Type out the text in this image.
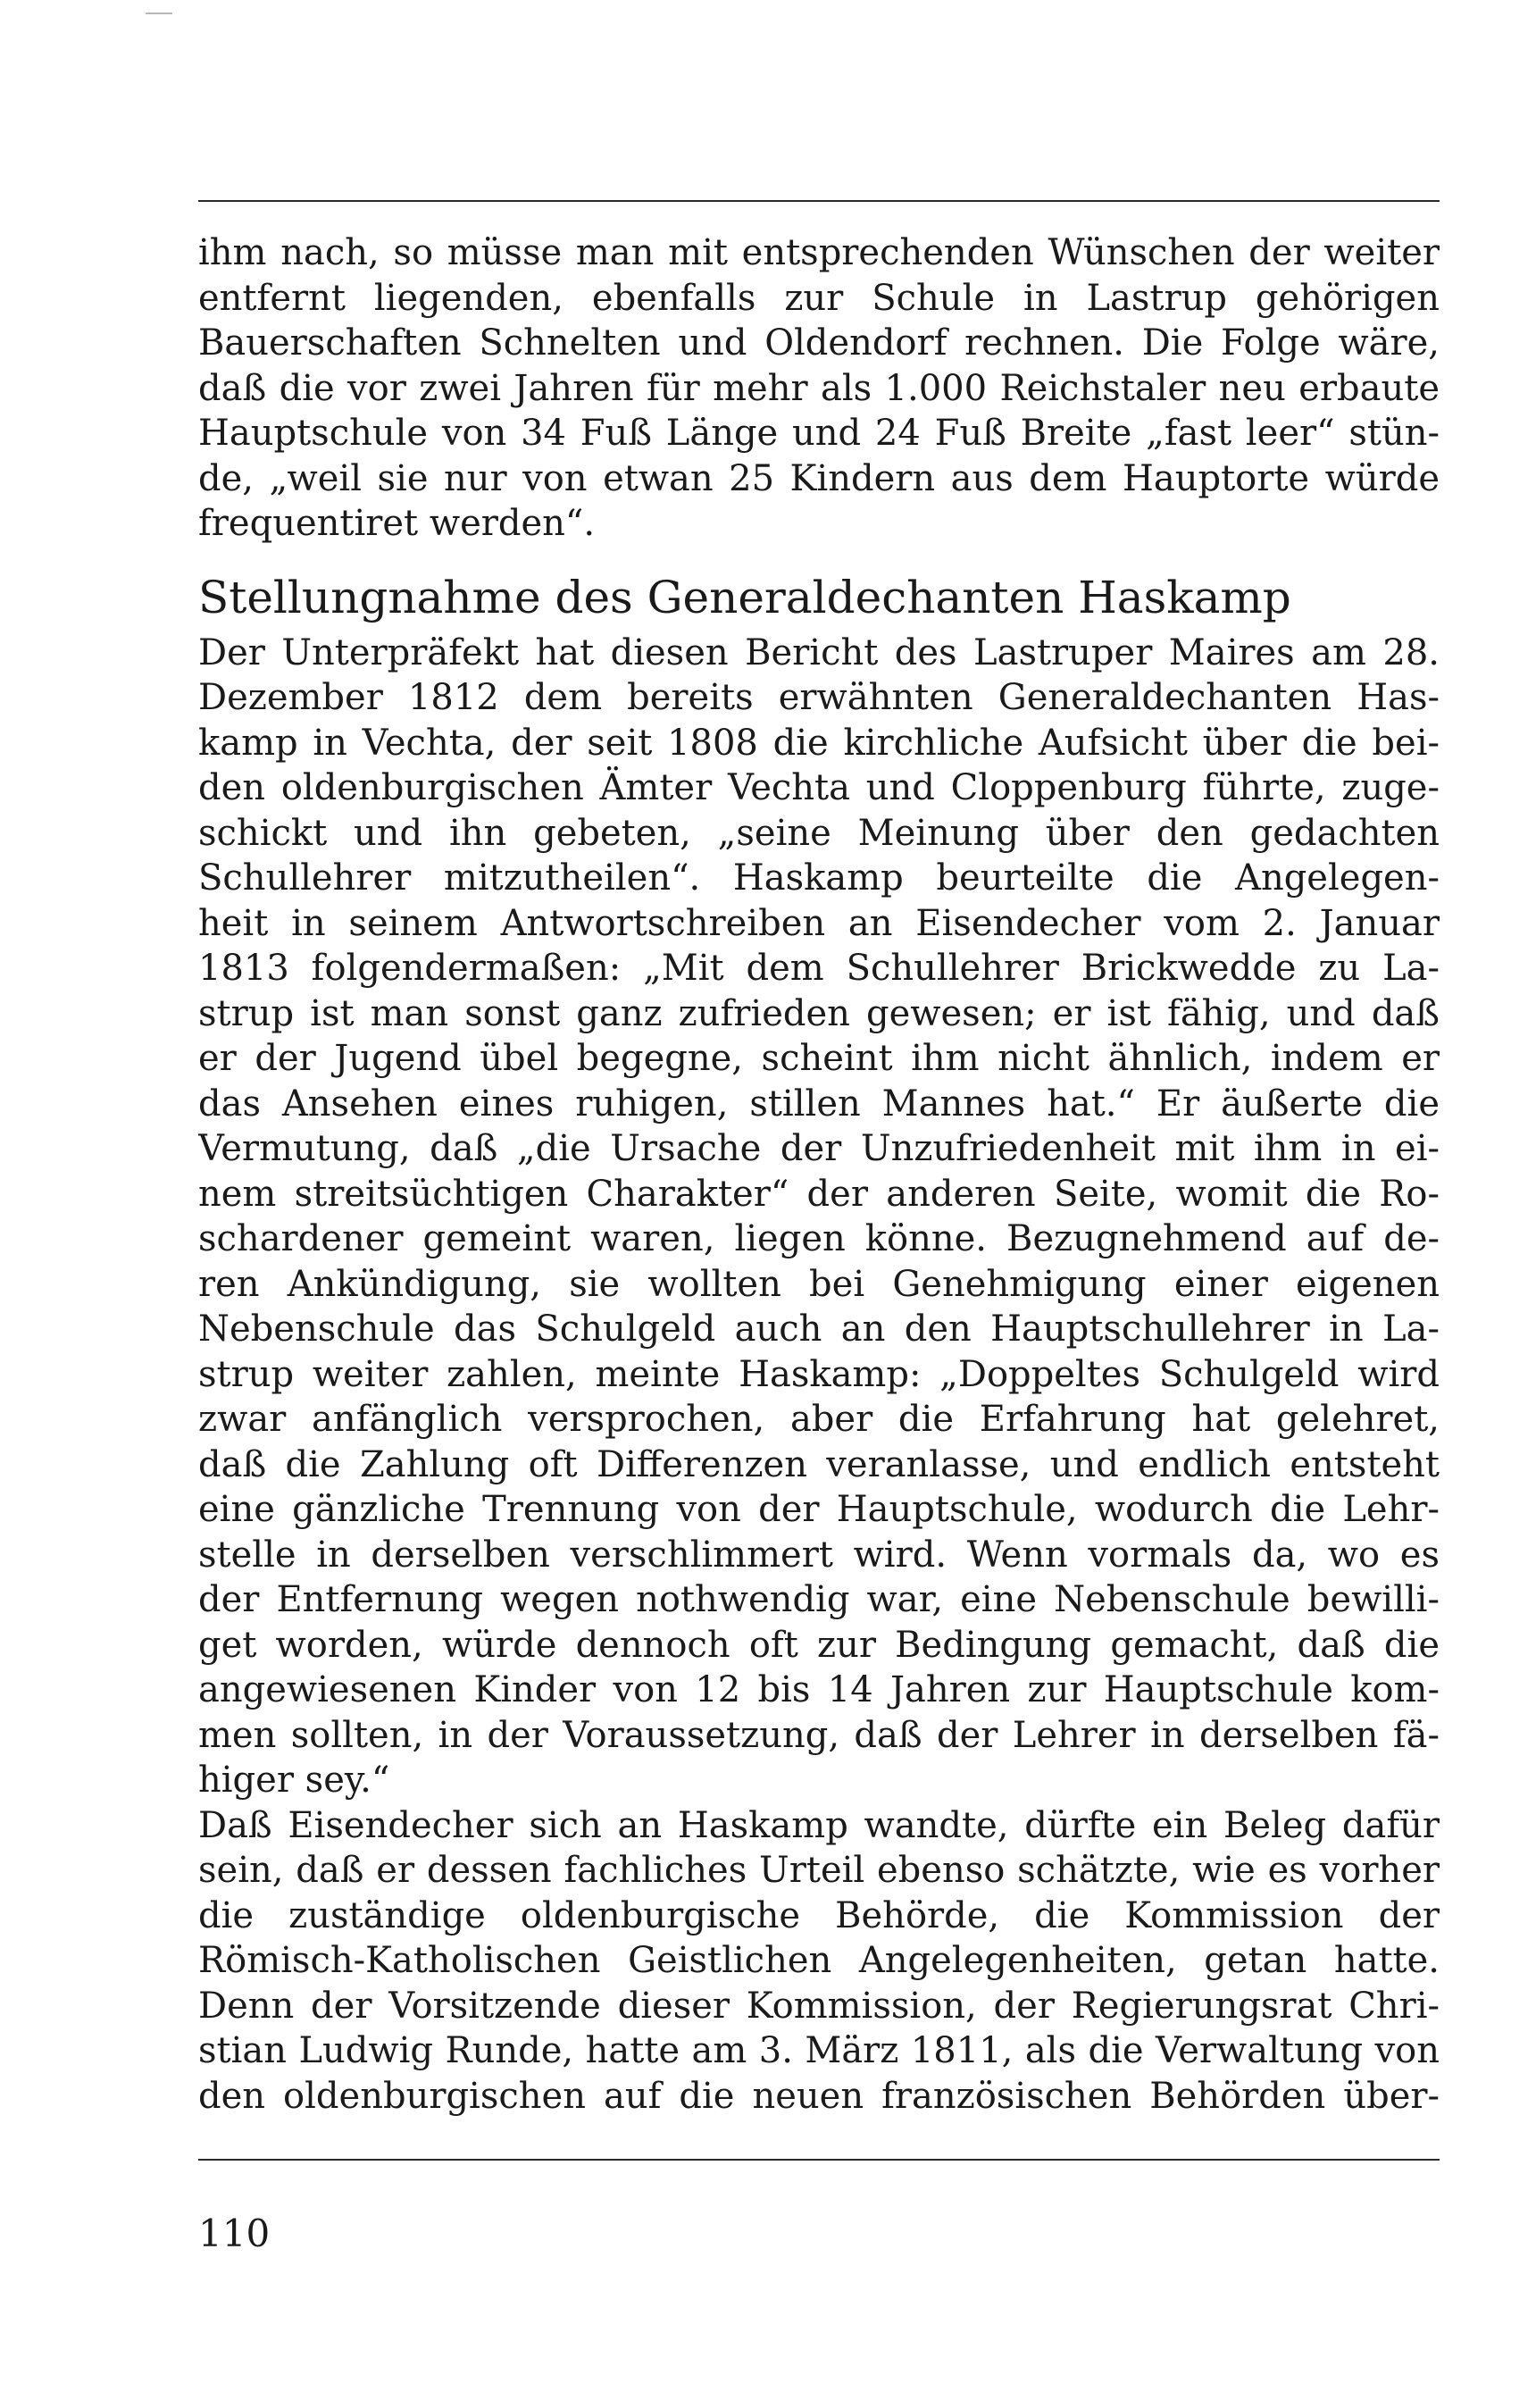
ihm nach, so müsse man mit entsprechenden Wünschen der weiter
entfernt liegenden, ebenfalls zur Schule in Lastrup gehörigen
Bauerschaften Schnelten und Oldendorf rechnen. Die Folge wäre,
daß die vor zwei Jahren für mehr als 1.000 Reichstaler neu erbaute
Hauptschule von 34 Fuß Länge und 24 Fuß Breite „fast leer“ stün-
de, „weil sie nur von etwan 25 Kindern aus dem Hauptorte würde
frequentiret werden“.
Stellungnahme des Generaldechanten Haskamp
Der Unterpräfekt hat diesen Bericht des Lastruper Maires am 28.
Dezember 1812 dem bereits erwähnten Generaldechanten Has-
kamp in Vechta, der seit 1808 die kirchliche Aufsicht über die bei-
den oldenburgischen Ämter Vechta und Cloppenburg führte, zuge-
schickt und ihn gebeten, „seine Meinung über den gedachten
Schullehrer mitzutheilen“. Haskamp beurteilte die Angelegen-
heit in seinem Antwortschreiben an Eisendecher vom 2. Januar
1813 folgendermaßen: „Mit dem Schullehrer Brickwedde zu La-
strup ist man sonst ganz zufrieden gewesen; er ist fähig, und daß
er der Jugend übel begegne, scheint ihm nicht ähnlich, indem er
das Ansehen eines ruhigen, stillen Mannes hat.“ Er äußerte die
Vermutung, daß „die Ursache der Unzufriedenheit mit ihm in ei-
nem streitsüchtigen Charakter“ der anderen Seite, womit die Ro-
schardener gemeint waren, liegen könne. Bezugnehmend auf de-
ren Ankündigung, sie wollten bei Genehmigung einer eigenen
Nebenschule das Schulgeld auch an den Hauptschullehrer in La-
strup weiter zahlen, meinte Haskamp: „Doppeltes Schulgeld wird
zwar anfänglich versprochen, aber die Erfahrung hat gelehret,
daß die Zahlung oft Differenzen veranlasse, und endlich entsteht
eine gänzliche Trennung von der Hauptschule, wodurch die Lehr-
stelle in derselben verschlimmert wird. Wenn vormals da, wo es
der Entfernung wegen nothwendig war, eine Nebenschule bewilli-
get worden, würde dennoch oft zur Bedingung gemacht, daß die
angewiesenen Kinder von 12 bis 14 Jahren zur Hauptschule kom-
men sollten, in der Voraussetzung, daß der Lehrer in derselben fä-
higer sey.“
Daß Eisendecher sich an Haskamp wandte, dürfte ein Beleg dafür
sein, daß er dessen fachliches Urteil ebenso schätzte, wie es vorher
die zuständige oldenburgische Behörde, die Kommission der
Römisch-Katholischen Geistlichen Angelegenheiten, getan hatte.
Denn der Vorsitzende dieser Kommission, der Regierungsrat Chri-
stian Ludwig Runde, hatte am 3. März 1811, als die Verwaltung von
den oldenburgischen auf die neuen französischen Behörden über-
110
